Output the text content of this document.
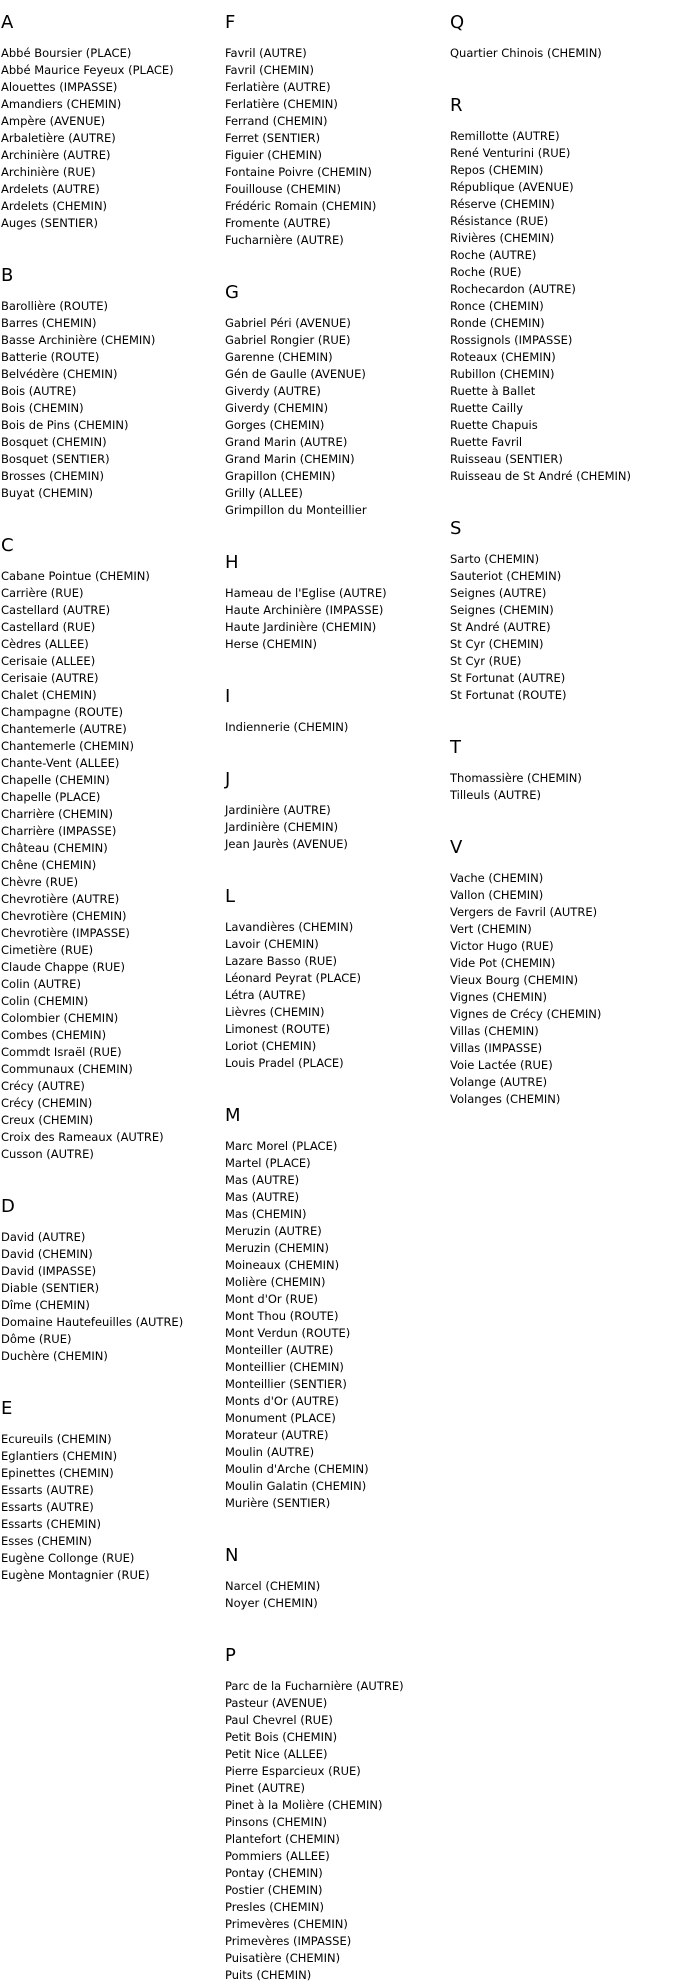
A
Abbé Boursier (PLACE)
Abbé Maurice Feyeux (PLACE)
Alouettes (IMPASSE)
Amandiers (CHEMIN)
Ampère (AVENUE)
Arbaletière (AUTRE)
Archinière (AUTRE)
Archinière (RUE)
Ardelets (AUTRE)
Ardelets (CHEMIN)
Auges (SENTIER)
B
Barollière (ROUTE)
Barres (CHEMIN)
Basse Archinière (CHEMIN)
Batterie (ROUTE)
Belvédère (CHEMIN)
Bois (AUTRE)
Bois (CHEMIN)
Bois de Pins (CHEMIN)
Bosquet (CHEMIN)
Bosquet (SENTIER)
Brosses (CHEMIN)
Buyat (CHEMIN)
C
Cabane Pointue (CHEMIN)
Carrière (RUE)
Castellard (AUTRE)
Castellard (RUE)
Cèdres (ALLEE)
Cerisaie (ALLEE)
Cerisaie (AUTRE)
Chalet (CHEMIN)
Champagne (ROUTE)
Chantemerle (AUTRE)
Chantemerle (CHEMIN)
Chante-Vent (ALLEE)
Chapelle (CHEMIN)
Chapelle (PLACE)
Charrière (CHEMIN)
Charrière (IMPASSE)
Château (CHEMIN)
Chêne (CHEMIN)
Chèvre (RUE)
Chevrotière (AUTRE)
Chevrotière (CHEMIN)
Chevrotière (IMPASSE)
Cimetière (RUE)
Claude Chappe (RUE)
Colin (AUTRE)
Colin (CHEMIN)
Colombier (CHEMIN)
Combes (CHEMIN)
Commdt Israël (RUE)
Communaux (CHEMIN)
Crécy (AUTRE)
Crécy (CHEMIN)
Creux (CHEMIN)
Croix des Rameaux (AUTRE)
Cusson (AUTRE)
D
David (AUTRE)
David (CHEMIN)
David (IMPASSE)
Diable (SENTIER)
Dîme (CHEMIN)
Domaine Hautefeuilles (AUTRE)
Dôme (RUE)
Duchère (CHEMIN)
E
Ecureuils (CHEMIN)
Eglantiers (CHEMIN)
Epinettes (CHEMIN)
Essarts (AUTRE)
Essarts (AUTRE)
Essarts (CHEMIN)
Esses (CHEMIN)
Eugène Collonge (RUE)
Eugène Montagnier (RUE)
F
Favril (AUTRE)
Favril (CHEMIN)
Ferlatière (AUTRE)
Ferlatière (CHEMIN)
Ferrand (CHEMIN)
Ferret (SENTIER)
Figuier (CHEMIN)
Fontaine Poivre (CHEMIN)
Fouillouse (CHEMIN)
Frédéric Romain (CHEMIN)
Fromente (AUTRE)
Fucharnière (AUTRE)
G
Gabriel Péri (AVENUE)
Gabriel Rongier (RUE)
Garenne (CHEMIN)
Gén de Gaulle (AVENUE)
Giverdy (AUTRE)
Giverdy (CHEMIN)
Gorges (CHEMIN)
Grand Marin (AUTRE)
Grand Marin (CHEMIN)
Grapillon (CHEMIN)
Grilly (ALLEE)
Grimpillon du Monteillier
H
Hameau de l'Eglise (AUTRE)
Haute Archinière (IMPASSE)
Haute Jardinière (CHEMIN)
Herse (CHEMIN)
I
Indiennerie (CHEMIN)
J
Jardinière (AUTRE)
Jardinière (CHEMIN)
Jean Jaurès (AVENUE)
L
Lavandières (CHEMIN)
Lavoir (CHEMIN)
Lazare Basso (RUE)
Léonard Peyrat (PLACE)
Létra (AUTRE)
Lièvres (CHEMIN)
Limonest (ROUTE)
Loriot (CHEMIN)
Louis Pradel (PLACE)
M
Marc Morel (PLACE)
Martel (PLACE)
Mas (AUTRE)
Mas (AUTRE)
Mas (CHEMIN)
Meruzin (AUTRE)
Meruzin (CHEMIN)
Moineaux (CHEMIN)
Molière (CHEMIN)
Mont d'Or (RUE)
Mont Thou (ROUTE)
Mont Verdun (ROUTE)
Monteiller (AUTRE)
Monteillier (CHEMIN)
Monteillier (SENTIER)
Monts d'Or (AUTRE)
Monument (PLACE)
Morateur (AUTRE)
Moulin (AUTRE)
Moulin d'Arche (CHEMIN)
Moulin Galatin (CHEMIN)
Murière (SENTIER)
N
Narcel (CHEMIN)
Noyer (CHEMIN)
P
Parc de la Fucharnière (AUTRE)
Pasteur (AVENUE)
Paul Chevrel (RUE)
Petit Bois (CHEMIN)
Petit Nice (ALLEE)
Pierre Esparcieux (RUE)
Pinet (AUTRE)
Pinet à la Molière (CHEMIN)
Pinsons (CHEMIN)
Plantefort (CHEMIN)
Pommiers (ALLEE)
Pontay (CHEMIN)
Postier (CHEMIN)
Presles (CHEMIN)
Primevères (CHEMIN)
Primevères (IMPASSE)
Puisatière (CHEMIN)
Puits (CHEMIN)
Q
Quartier Chinois (CHEMIN)
R
Remillotte (AUTRE)
René Venturini (RUE)
Repos (CHEMIN)
République (AVENUE)
Réserve (CHEMIN)
Résistance (RUE)
Rivières (CHEMIN)
Roche (AUTRE)
Roche (RUE)
Rochecardon (AUTRE)
Ronce (CHEMIN)
Ronde (CHEMIN)
Rossignols (IMPASSE)
Roteaux (CHEMIN)
Rubillon (CHEMIN)
Ruette à Ballet
Ruette Cailly
Ruette Chapuis
Ruette Favril
Ruisseau (SENTIER)
Ruisseau de St André (CHEMIN)
S
Sarto (CHEMIN)
Sauteriot (CHEMIN)
Seignes (AUTRE)
Seignes (CHEMIN)
St André (AUTRE)
St Cyr (CHEMIN)
St Cyr (RUE)
St Fortunat (AUTRE)
St Fortunat (ROUTE)
T
Thomassière (CHEMIN)
Tilleuls (AUTRE)
V
Vache (CHEMIN)
Vallon (CHEMIN)
Vergers de Favril (AUTRE)
Vert (CHEMIN)
Victor Hugo (RUE)
Vide Pot (CHEMIN)
Vieux Bourg (CHEMIN)
Vignes (CHEMIN)
Vignes de Crécy (CHEMIN)
Villas (CHEMIN)
Villas (IMPASSE)
Voie Lactée (RUE)
Volange (AUTRE)
Volanges (CHEMIN)
